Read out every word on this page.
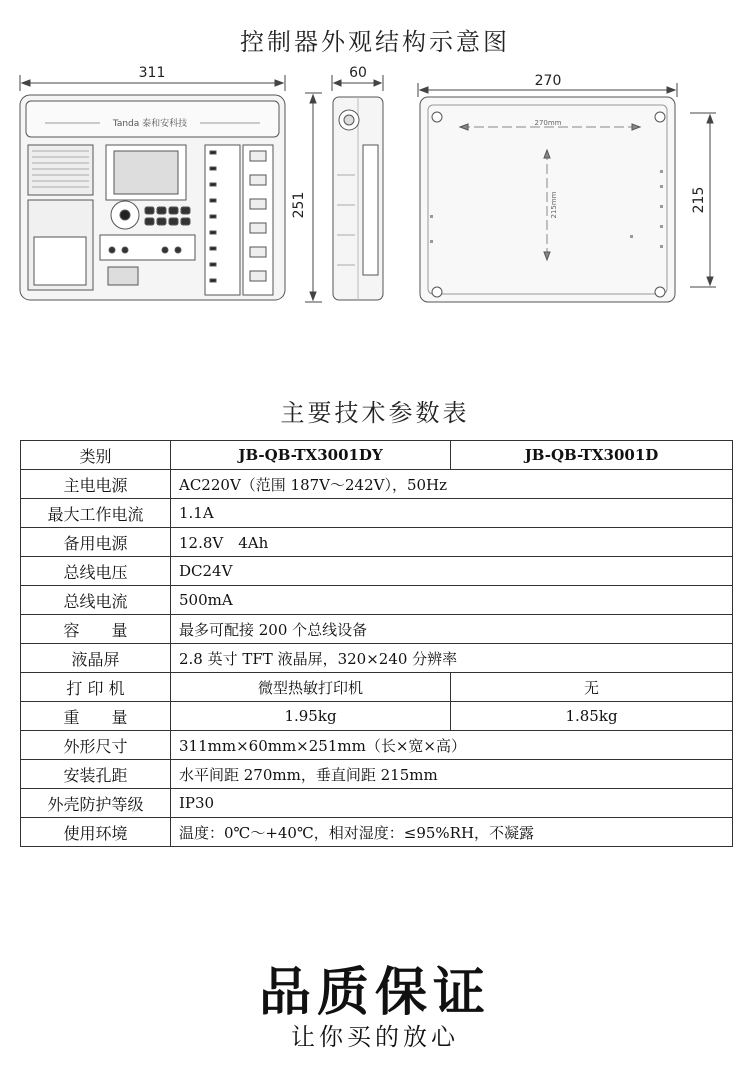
控制器外观结构示意图
311	60
251
270
215
Tanda 泰和安科技	270mm
215mm
主要技术参数表
类别	JB-QB-TX3001DY	JB-QB-TX3001D
主电电源	AC220V（范围 187V～242V），50Hz	
最大工作电流	1.1A	
备用电源	12.8V　4Ah	
总线电压	DC24V	
总线电流	500mA	
容　　量	最多可配接 200 个总线设备	
液晶屏	2.8 英寸 TFT 液晶屏，320×240 分辨率	
打 印 机	微型热敏打印机	无
重　　量	1.95kg	1.85kg
外形尺寸	311mm×60mm×251mm（长×宽×高）	
安装孔距	水平间距 270mm，垂直间距 215mm	
外壳防护等级	IP30	
使用环境	温度：0℃～+40℃，相对湿度：≤95%RH，不凝露	
品质保证
让你买的放心
